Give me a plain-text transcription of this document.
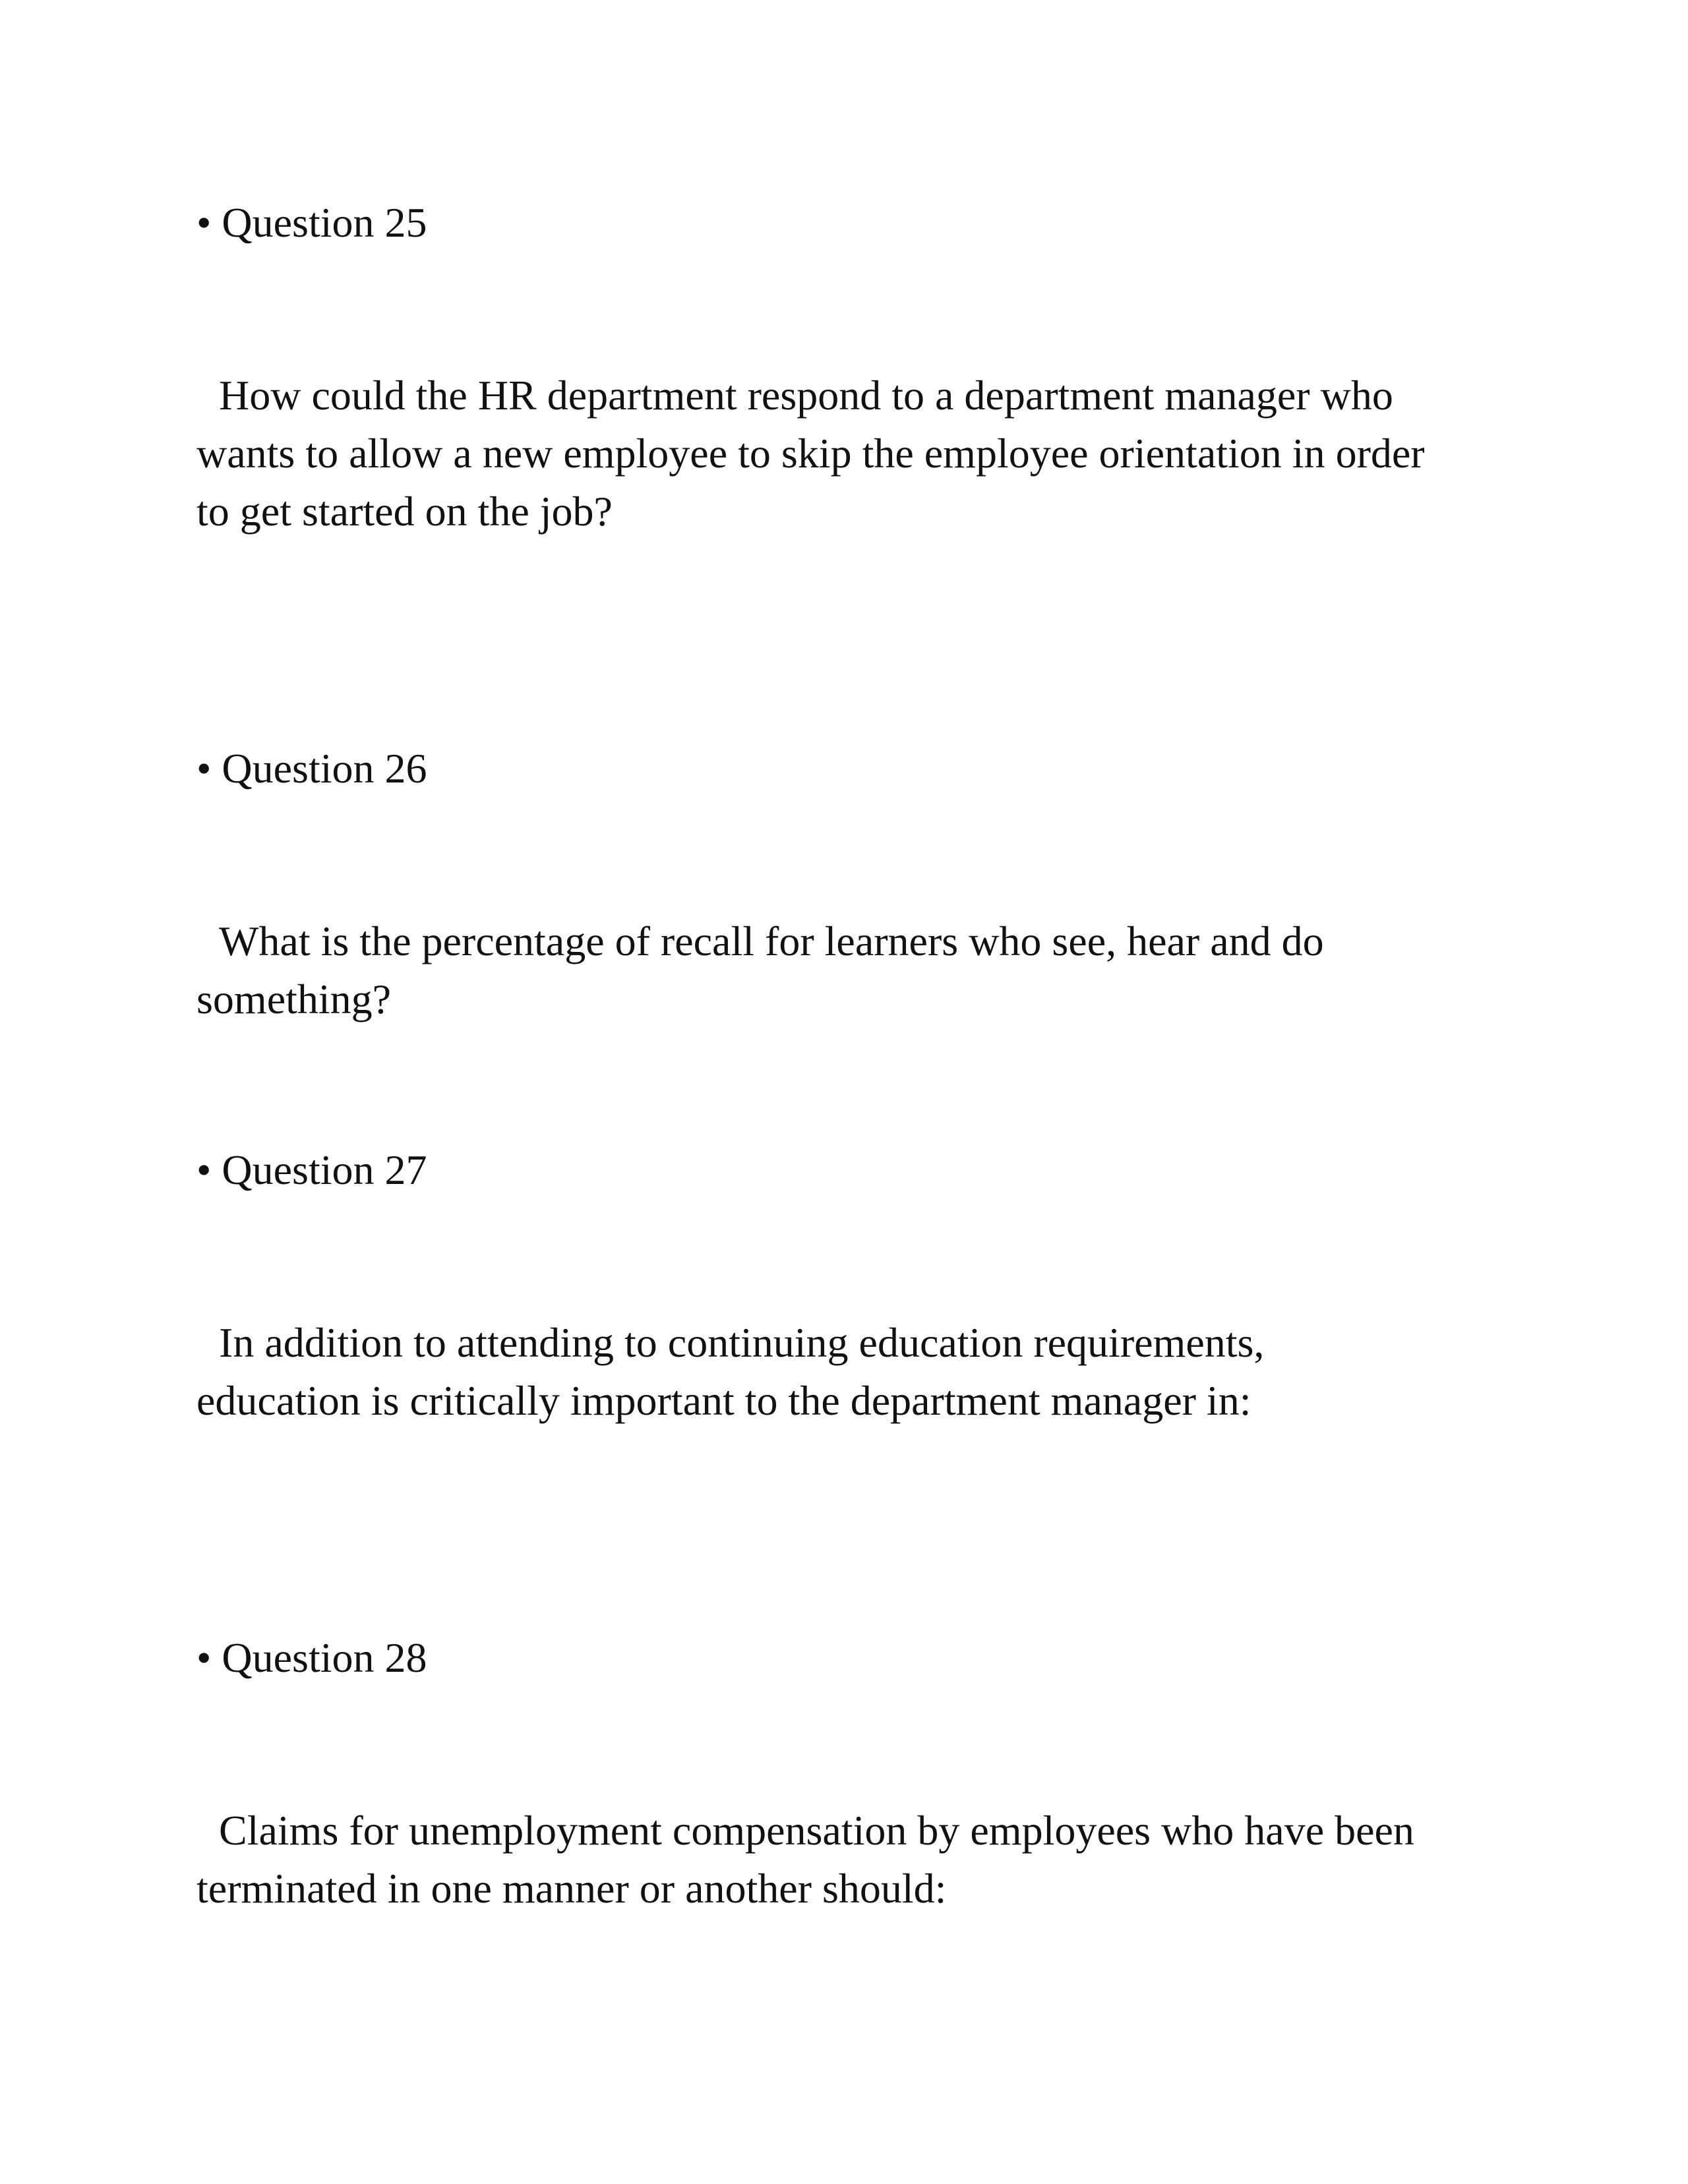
• Question 25
How could the HR department respond to a department manager who
wants to allow a new employee to skip the employee orientation in order
to get started on the job?
• Question 26
What is the percentage of recall for learners who see, hear and do
something?
• Question 27
In addition to attending to continuing education requirements,
education is critically important to the department manager in:
• Question 28
Claims for unemployment compensation by employees who have been
terminated in one manner or another should:
